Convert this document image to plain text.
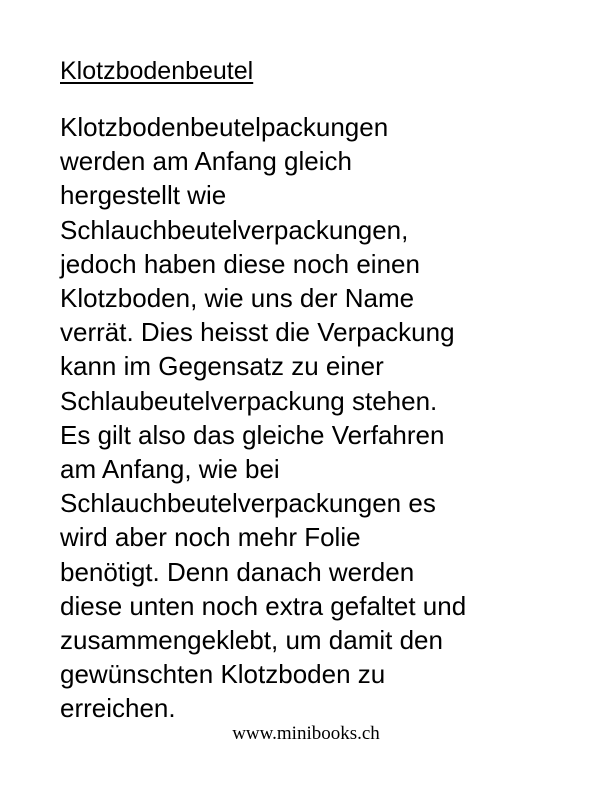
Klotzbodenbeutel
Klotzbodenbeutelpackungen
werden am Anfang gleich
hergestellt wie
Schlauchbeutelverpackungen,
jedoch haben diese noch einen
Klotzboden, wie uns der Name
verrät. Dies heisst die Verpackung
kann im Gegensatz zu einer
Schlaubeutelverpackung stehen.
Es gilt also das gleiche Verfahren
am Anfang, wie bei
Schlauchbeutelverpackungen es
wird aber noch mehr Folie
benötigt. Denn danach werden
diese unten noch extra gefaltet und
zusammengeklebt, um damit den
gewünschten Klotzboden zu
erreichen.
www.minibooks.ch
